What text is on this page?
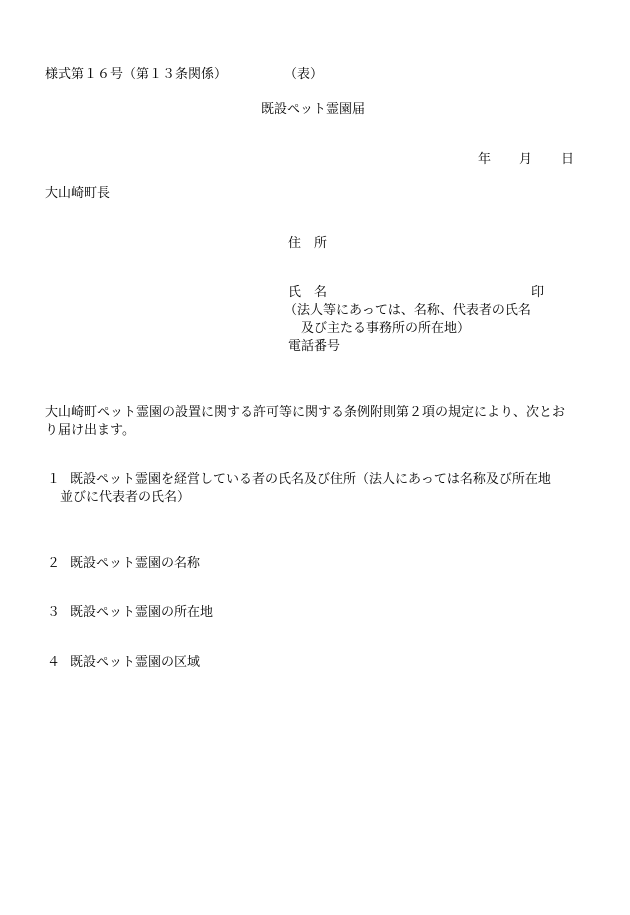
様式第１６号（第１３条関係）	（表）
既設ペット霊園届
年 月 日
大山崎町長
住　所
氏　名	印
（法人等にあっては、名称、代表者の氏名
及び主たる事務所の所在地）
電話番号
大山崎町ペット霊園の設置に関する許可等に関する条例附則第２項の規定により、次とお
り届け出ます。
１ 既設ペット霊園を経営している者の氏名及び住所（法人にあっては名称及び所在地
並びに代表者の氏名）
２ 既設ペット霊園の名称
３ 既設ペット霊園の所在地
４ 既設ペット霊園の区域
